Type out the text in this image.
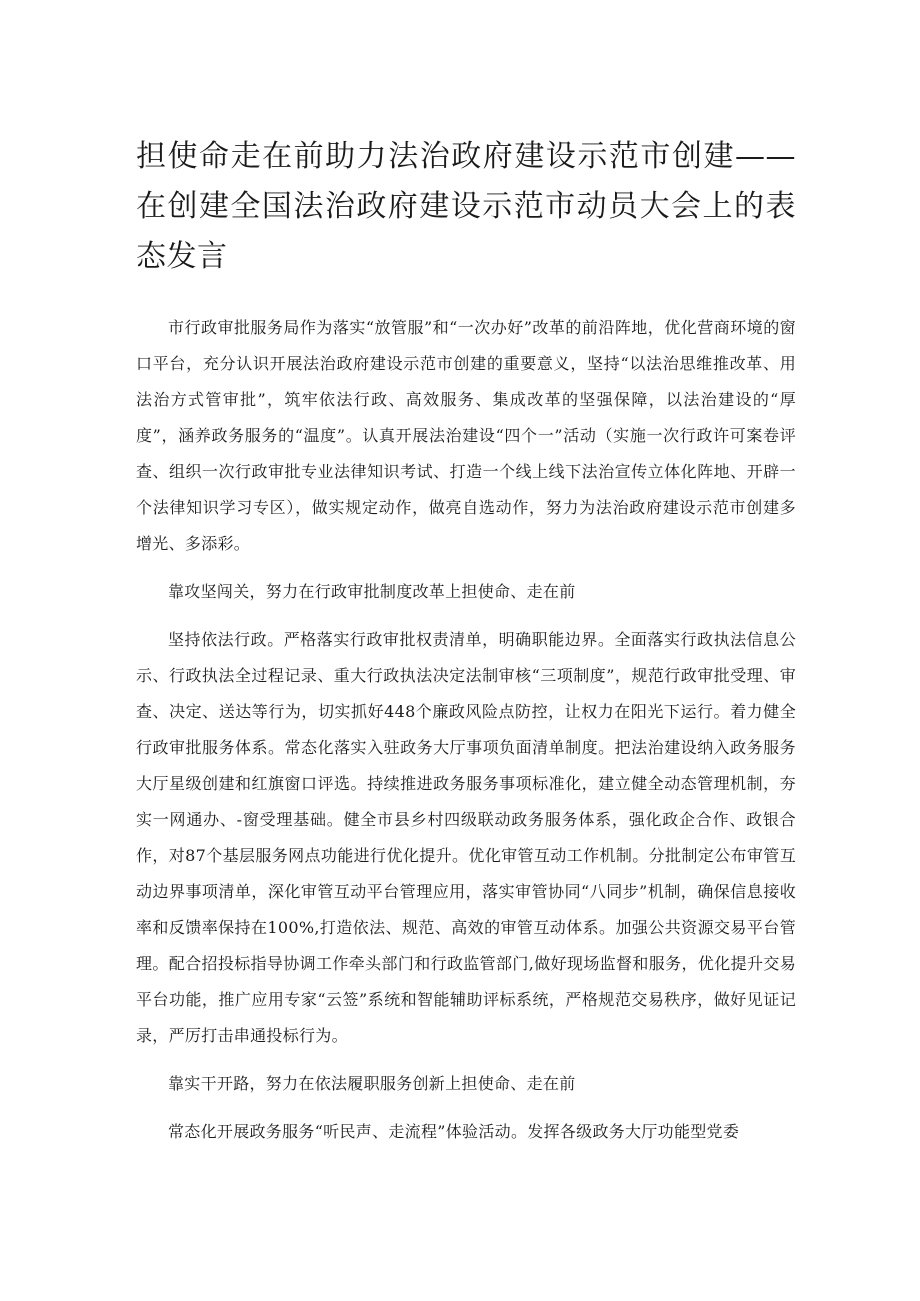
担使命走在前助力法治政府建设示范市创建——在创建全国法治政府建设示范市动员大会上的表态发言

市行政审批服务局作为落实“放管服”和“一次办好”改革的前沿阵地，优化营商环境的窗口平台，充分认识开展法治政府建设示范市创建的重要意义，坚持“以法治思维推改革、用法治方式管审批”，筑牢依法行政、高效服务、集成改革的坚强保障，以法治建设的“厚度”，涵养政务服务的“温度”。认真开展法治建设“四个一”活动（实施一次行政许可案卷评查、组织一次行政审批专业法律知识考试、打造一个线上线下法治宣传立体化阵地、开辟一个法律知识学习专区），做实规定动作，做亮自选动作，努力为法治政府建设示范市创建多增光、多添彩。

靠攻坚闯关，努力在行政审批制度改革上担使命、走在前

坚持依法行政。严格落实行政审批权责清单，明确职能边界。全面落实行政执法信息公示、行政执法全过程记录、重大行政执法决定法制审核“三项制度”，规范行政审批受理、审查、决定、送达等行为，切实抓好448个廉政风险点防控，让权力在阳光下运行。着力健全行政审批服务体系。常态化落实入驻政务大厅事项负面清单制度。把法治建设纳入政务服务大厅星级创建和红旗窗口评选。持续推进政务服务事项标准化，建立健全动态管理机制，夯实一网通办、-窗受理基础。健全市县乡村四级联动政务服务体系，强化政企合作、政银合作，对87个基层服务网点功能进行优化提升。优化审管互动工作机制。分批制定公布审管互动边界事项清单，深化审管互动平台管理应用，落实审管协同“八同步”机制，确保信息接收率和反馈率保持在100%,打造依法、规范、高效的审管互动体系。加强公共资源交易平台管理。配合招投标指导协调工作牵头部门和行政监管部门,做好现场监督和服务，优化提升交易平台功能，推广应用专家“云签”系统和智能辅助评标系统，严格规范交易秩序，做好见证记录，严厉打击串通投标行为。

靠实干开路，努力在依法履职服务创新上担使命、走在前

常态化开展政务服务“听民声、走流程”体验活动。发挥各级政务大厅功能型党委
